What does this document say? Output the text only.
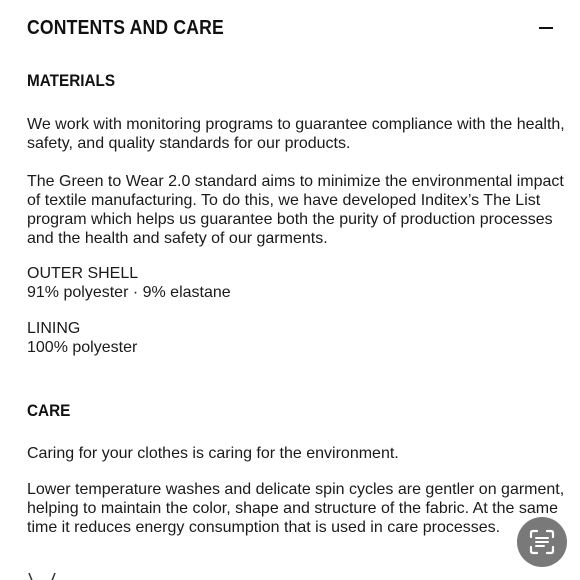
CONTENTS AND CARE
MATERIALS

We work with monitoring programs to guarantee compliance with the health, safety, and quality standards for our products.

The Green to Wear 2.0 standard aims to minimize the environmental impact of textile manufacturing. To do this, we have developed Inditex’s The List program which helps us guarantee both the purity of production processes and the health and safety of our garments.

OUTER SHELL
91% polyester · 9% elastane
LINING
100% polyester
CARE

Caring for your clothes is caring for the environment.

Lower temperature washes and delicate spin cycles are gentler on garment, helping to maintain the color, shape and structure of the fabric. At the same time it reduces energy consumption that is used in care processes.
